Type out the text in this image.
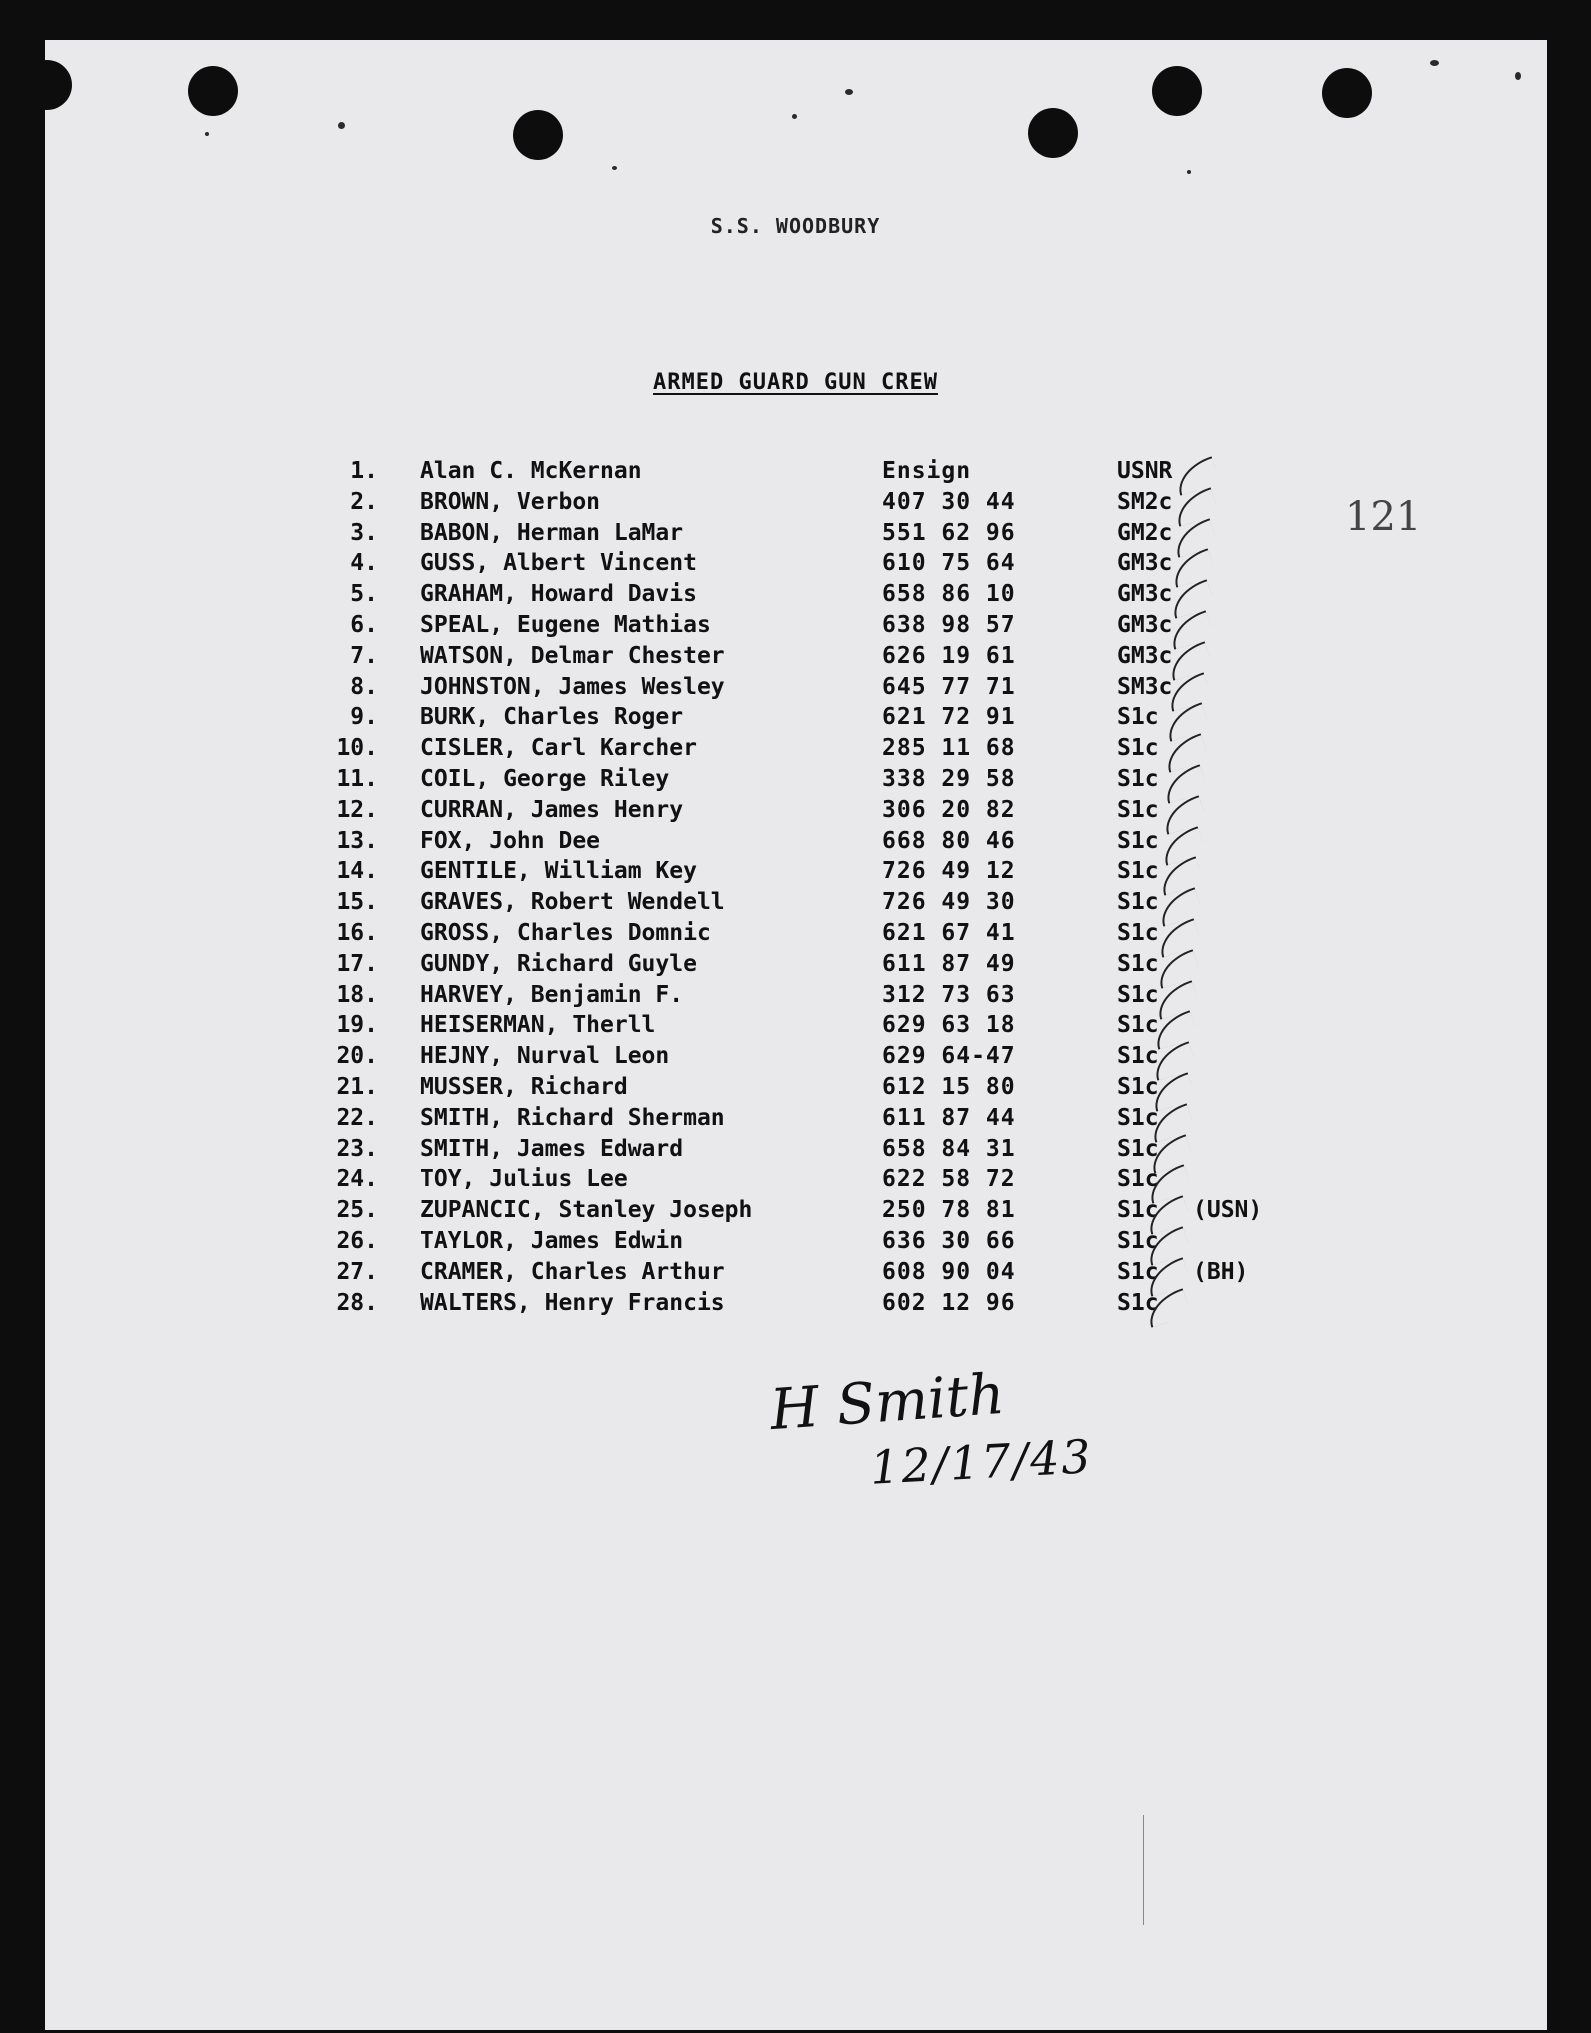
S.S. WOODBURY
ARMED GUARD GUN CREW
121
1. Alan C. McKernan	Ensign	USNR
2. BROWN, Verbon	407 30 44	SM2c
3. BABON, Herman LaMar	551 62 96	GM2c
4. GUSS, Albert Vincent	610 75 64	GM3c
5. GRAHAM, Howard Davis	658 86 10	GM3c
6. SPEAL, Eugene Mathias	638 98 57	GM3c
7. WATSON, Delmar Chester	626 19 61	GM3c
8. JOHNSTON, James Wesley	645 77 71	SM3c
9. BURK, Charles Roger	621 72 91	S1c
10. CISLER, Carl Karcher	285 11 68	S1c
11. COIL, George Riley	338 29 58	S1c
12. CURRAN, James Henry	306 20 82	S1c
13. FOX, John Dee	668 80 46	S1c
14. GENTILE, William Key	726 49 12	S1c
15. GRAVES, Robert Wendell	726 49 30	S1c
16. GROSS, Charles Domnic	621 67 41	S1c
17. GUNDY, Richard Guyle	611 87 49	S1c
18. HARVEY, Benjamin F.	312 73 63	S1c
19. HEISERMAN, Therll	629 63 18	S1c
20. HEJNY, Nurval Leon	629 64-47	S1c
21. MUSSER, Richard	612 15 80	S1c
22. SMITH, Richard Sherman	611 87 44	S1c
23. SMITH, James Edward	658 84 31	S1c
24. TOY, Julius Lee	622 58 72	S1c
25. ZUPANCIC, Stanley Joseph	250 78 81	S1c (USN)
26. TAYLOR, James Edwin	636 30 66	S1c
27. CRAMER, Charles Arthur	608 90 04	S1c (BH)
28. WALTERS, Henry Francis	602 12 96	S1c
H Smith
12/17/43
